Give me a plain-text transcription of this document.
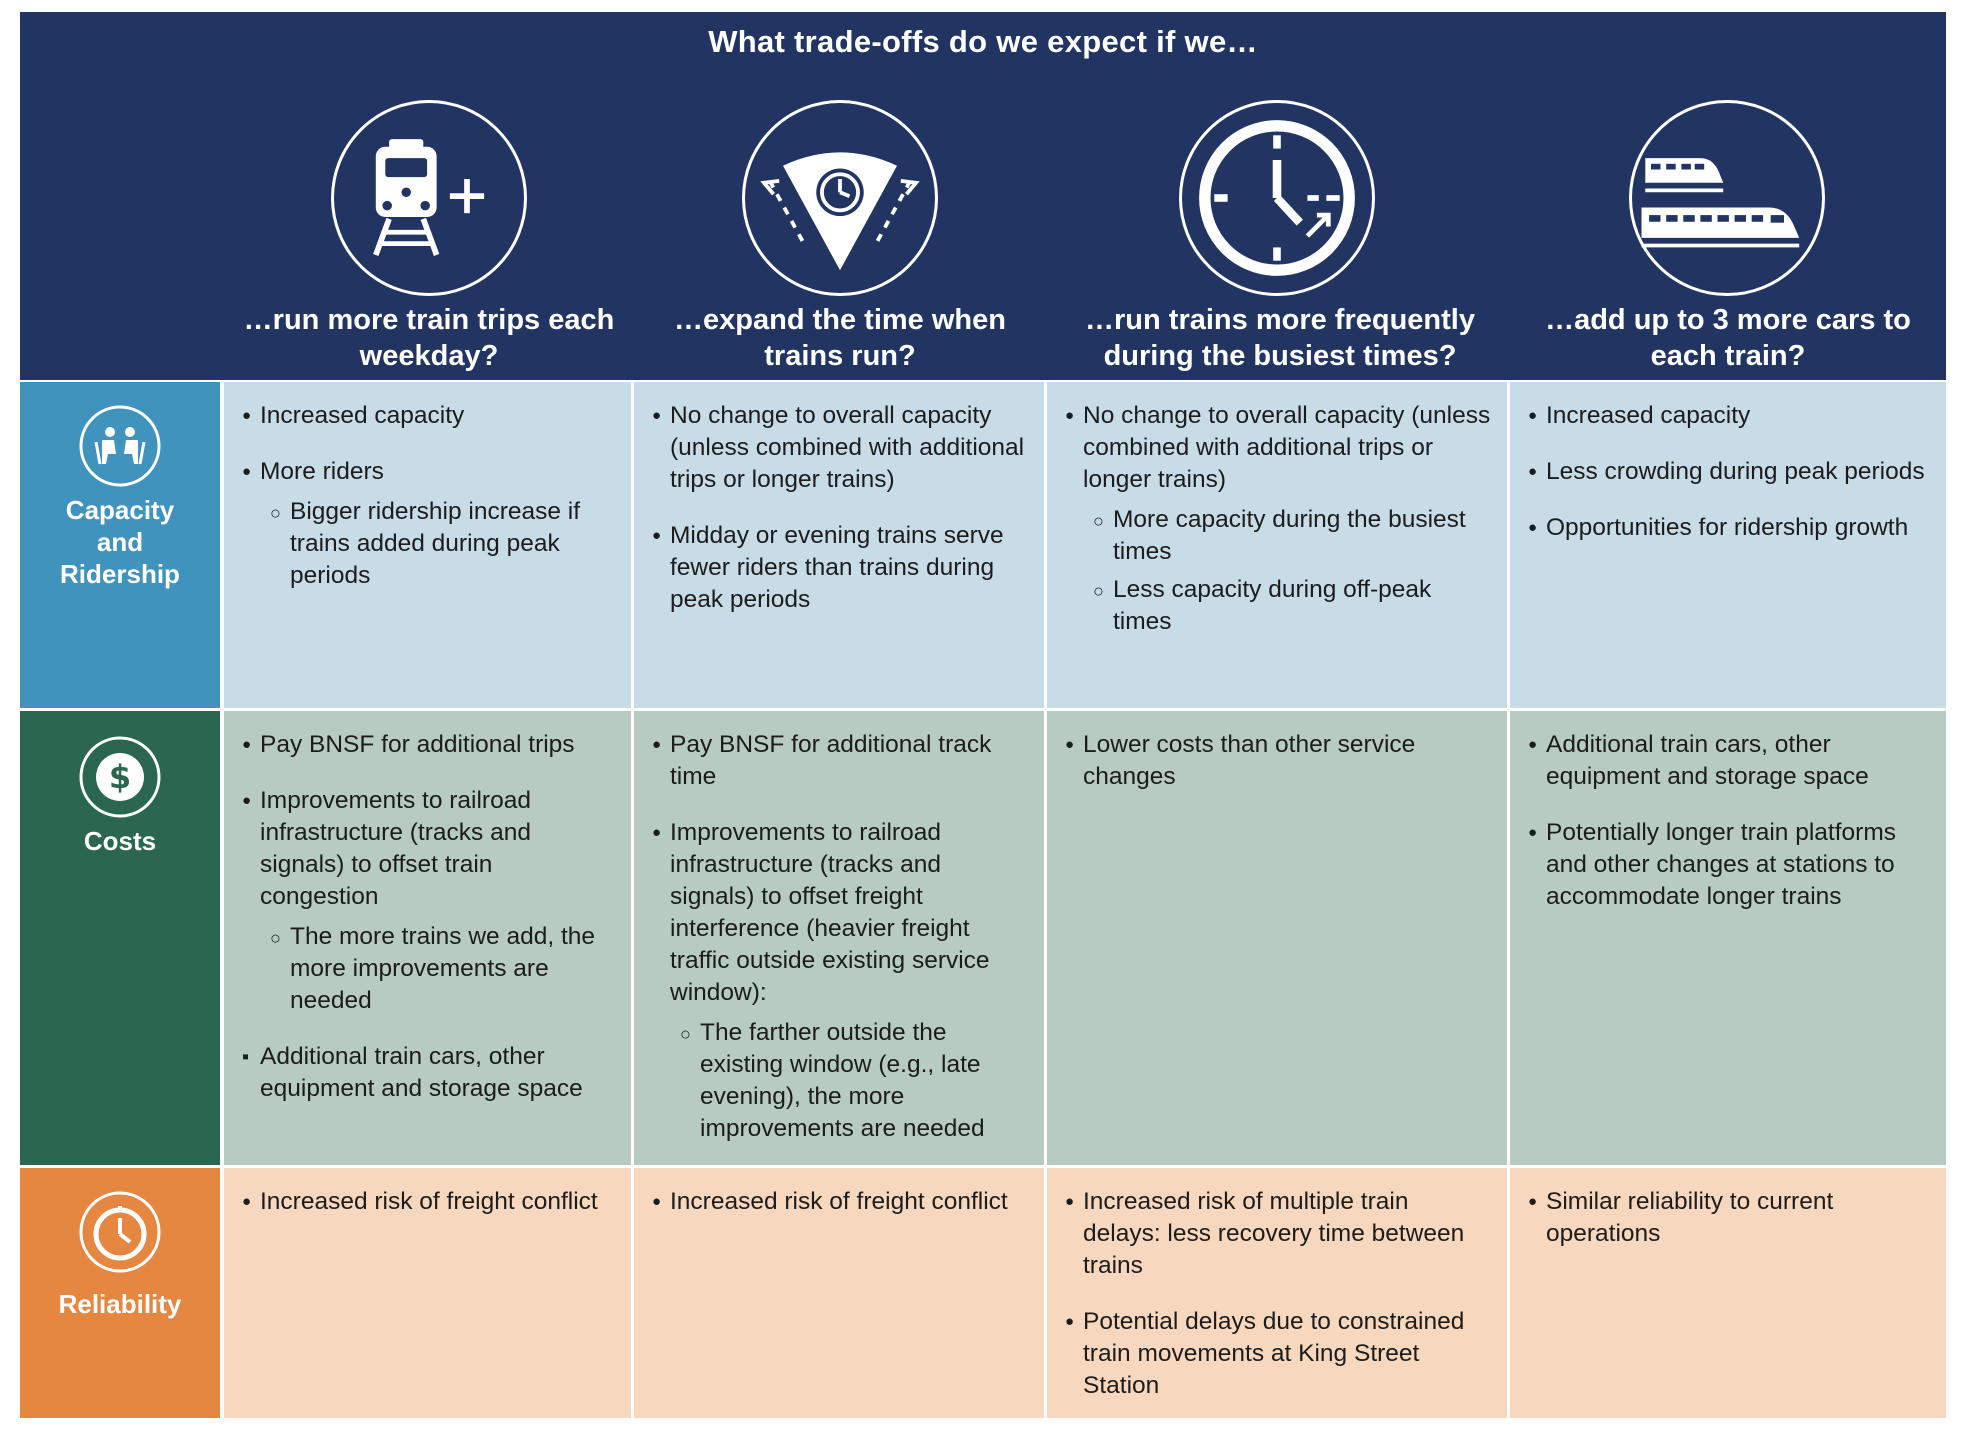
What trade-offs do we expect if we…
…run more train trips each weekday?
…expand the time when trains run?
…run trains more frequently during the busiest times?
…add up to 3 more cars to each train?
Capacity and Ridership
● Increased capacity
● More riders
○ Bigger ridership increase if trains added during peak periods
● No change to overall capacity (unless combined with additional trips or longer trains)
● Midday or evening trains serve fewer riders than trains during peak periods
● No change to overall capacity (unless combined with additional trips or longer trains)
○ More capacity during the busiest times
○ Less capacity during off-peak times
● Increased capacity
● Less crowding during peak periods
● Opportunities for ridership growth
$
Costs
● Pay BNSF for additional trips
● Improvements to railroad infrastructure (tracks and signals) to offset train congestion
○ The more trains we add, the more improvements are needed
▪ Additional train cars, other equipment and storage space
● Pay BNSF for additional track time
● Improvements to railroad infrastructure (tracks and signals) to offset freight interference (heavier freight traffic outside existing service window):
○ The farther outside the existing window (e.g., late evening), the more improvements are needed
● Lower costs than other service changes
● Additional train cars, other equipment and storage space
● Potentially longer train platforms and other changes at stations to accommodate longer trains
Reliability
● Increased risk of freight conflict	● Increased risk of freight conflict	● Increased risk of multiple train delays: less recovery time between trains
● Potential delays due to constrained train movements at King Street Station
● Similar reliability to current operations
